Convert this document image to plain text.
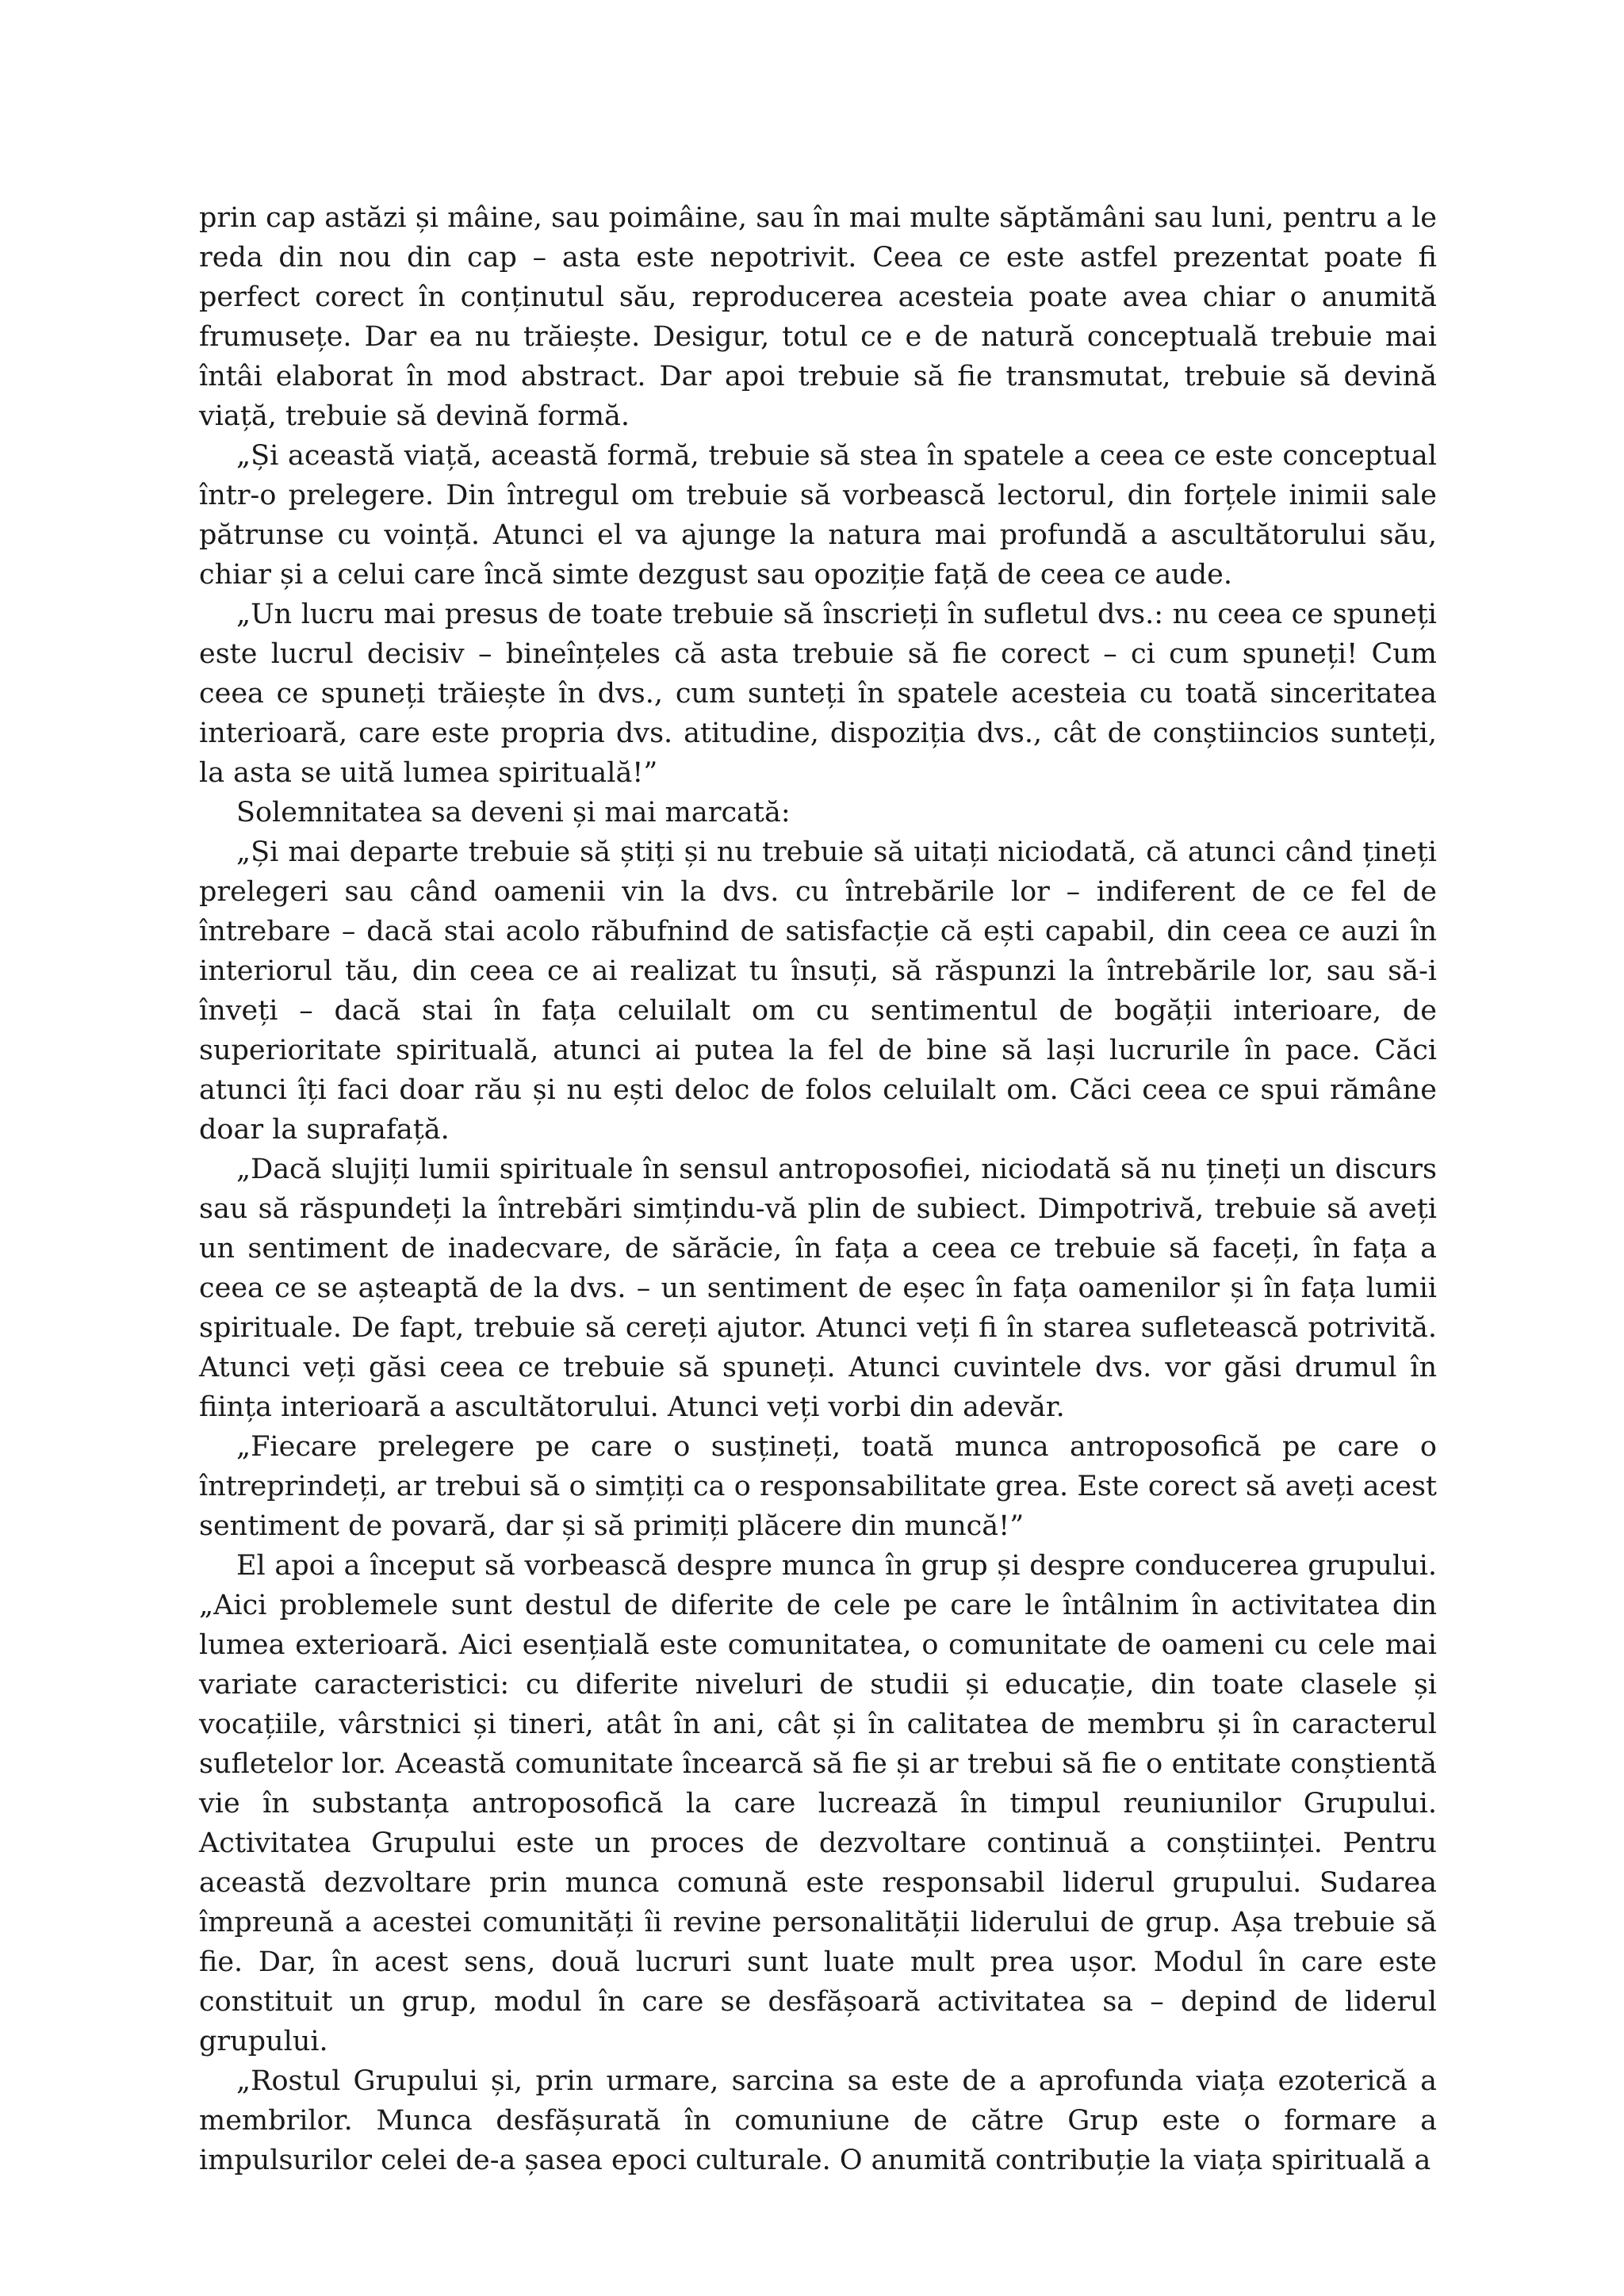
prin cap astăzi și mâine, sau poimâine, sau în mai multe săptămâni sau luni, pentru a le reda din nou din cap – asta este nepotrivit. Ceea ce este astfel prezentat poate fi perfect corect în conținutul său, reproducerea acesteia poate avea chiar o anumită frumusețe. Dar ea nu trăiește. Desigur, totul ce e de natură conceptuală trebuie mai întâi elaborat în mod abstract. Dar apoi trebuie să fie transmutat, trebuie să devină viață, trebuie să devină formă.

„Și această viață, această formă, trebuie să stea în spatele a ceea ce este conceptual într-o prelegere. Din întregul om trebuie să vorbească lectorul, din forțele inimii sale pătrunse cu voință. Atunci el va ajunge la natura mai profundă a ascultătorului său, chiar și a celui care încă simte dezgust sau opoziție față de ceea ce aude.

„Un lucru mai presus de toate trebuie să înscrieți în sufletul dvs.: nu ceea ce spuneți este lucrul decisiv – bineînțeles că asta trebuie să fie corect – ci cum spuneți! Cum ceea ce spuneți trăiește în dvs., cum sunteți în spatele acesteia cu toată sinceritatea interioară, care este propria dvs. atitudine, dispoziția dvs., cât de conștiincios sunteți, la asta se uită lumea spirituală!”

Solemnitatea sa deveni și mai marcată:

„Și mai departe trebuie să știți și nu trebuie să uitați niciodată, că atunci când țineți prelegeri sau când oamenii vin la dvs. cu întrebările lor – indiferent de ce fel de întrebare – dacă stai acolo răbufnind de satisfacție că ești capabil, din ceea ce auzi în interiorul tău, din ceea ce ai realizat tu însuți, să răspunzi la întrebările lor, sau să-i înveți – dacă stai în fața celuilalt om cu sentimentul de bogății interioare, de superioritate spirituală, atunci ai putea la fel de bine să lași lucrurile în pace. Căci atunci îți faci doar rău și nu ești deloc de folos celuilalt om. Căci ceea ce spui rămâne doar la suprafață.

„Dacă slujiți lumii spirituale în sensul antroposofiei, niciodată să nu țineți un discurs sau să răspundeți la întrebări simțindu-vă plin de subiect. Dimpotrivă, trebuie să aveți un sentiment de inadecvare, de sărăcie, în fața a ceea ce trebuie să faceți, în fața a ceea ce se așteaptă de la dvs. – un sentiment de eșec în fața oamenilor și în fața lumii spirituale. De fapt, trebuie să cereți ajutor. Atunci veți fi în starea sufletească potrivită. Atunci veți găsi ceea ce trebuie să spuneți. Atunci cuvintele dvs. vor găsi drumul în ființa interioară a ascultătorului. Atunci veți vorbi din adevăr.

„Fiecare prelegere pe care o susțineți, toată munca antroposofică pe care o întreprindeți, ar trebui să o simțiți ca o responsabilitate grea. Este corect să aveți acest sentiment de povară, dar și să primiți plăcere din muncă!”

El apoi a început să vorbească despre munca în grup și despre conducerea grupului. „Aici problemele sunt destul de diferite de cele pe care le întâlnim în activitatea din lumea exterioară. Aici esențială este comunitatea, o comunitate de oameni cu cele mai variate caracteristici: cu diferite niveluri de studii și educație, din toate clasele și vocațiile, vârstnici și tineri, atât în ani, cât și în calitatea de membru și în caracterul sufletelor lor. Această comunitate încearcă să fie și ar trebui să fie o entitate conștientă vie în substanța antroposofică la care lucrează în timpul reuniunilor Grupului. Activitatea Grupului este un proces de dezvoltare continuă a conștiinței. Pentru această dezvoltare prin munca comună este responsabil liderul grupului. Sudarea împreună a acestei comunități îi revine personalității liderului de grup. Așa trebuie să fie. Dar, în acest sens, două lucruri sunt luate mult prea ușor. Modul în care este constituit un grup, modul în care se desfășoară activitatea sa – depind de liderul grupului.

„Rostul Grupului și, prin urmare, sarcina sa este de a aprofunda viața ezoterică a membrilor. Munca desfășurată în comuniune de către Grup este o formare a impulsurilor celei de-a șasea epoci culturale. O anumită contribuție la viața spirituală a
